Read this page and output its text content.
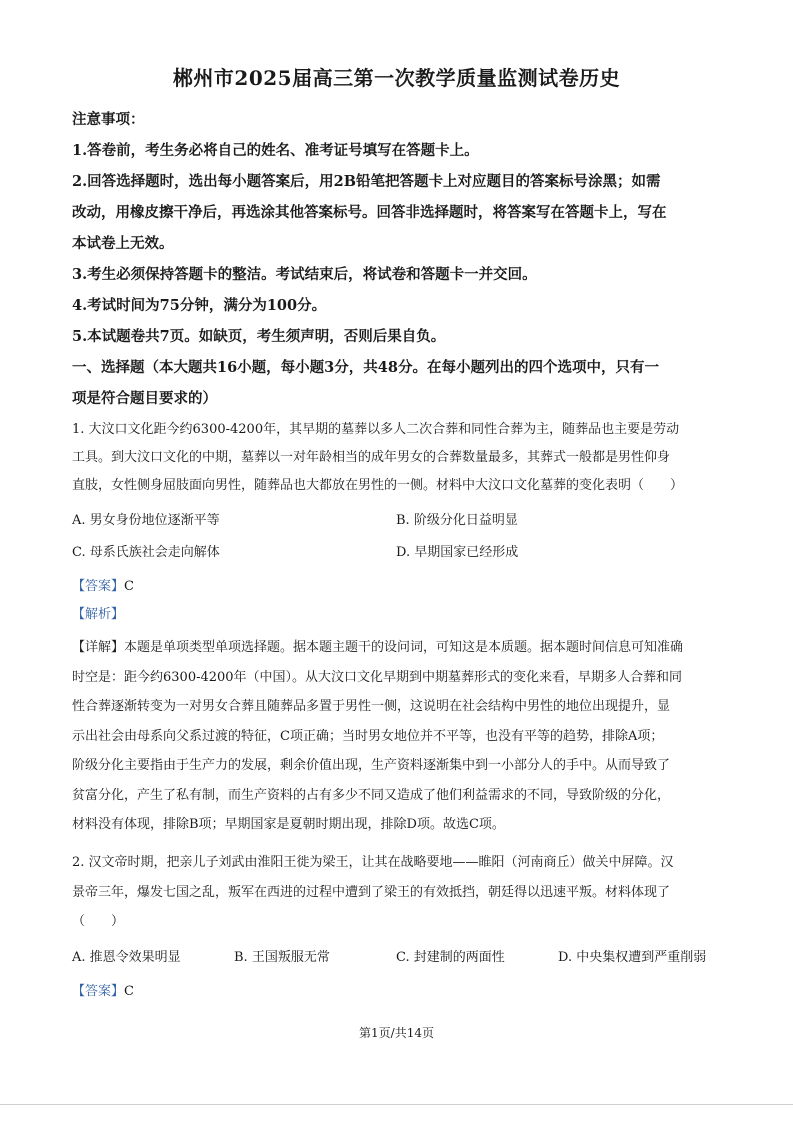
郴州市2025届高三第一次教学质量监测试卷历史

注意事项：

1.答卷前，考生务必将自己的姓名、准考证号填写在答题卡上。

2.回答选择题时，选出每小题答案后，用2B铅笔把答题卡上对应题目的答案标号涂黑；如需

改动，用橡皮擦干净后，再选涂其他答案标号。回答非选择题时，将答案写在答题卡上，写在

本试卷上无效。

3.考生必须保持答题卡的整洁。考试结束后，将试卷和答题卡一并交回。

4.考试时间为75分钟，满分为100分。

5.本试题卷共7页。如缺页，考生须声明，否则后果自负。

一、选择题（本大题共16小题，每小题3分，共48分。在每小题列出的四个选项中，只有一

项是符合题目要求的）

1. 大汶口文化距今约6300-4200年，其早期的墓葬以多人二次合葬和同性合葬为主，随葬品也主要是劳动

工具。到大汶口文化的中期，墓葬以一对年龄相当的成年男女的合葬数量最多，其葬式一般都是男性仰身

直肢，女性侧身屈肢面向男性，随葬品也大都放在男性的一侧。材料中大汶口文化墓葬的变化表明（　　）

A. 男女身份地位逐渐平等	B. 阶级分化日益明显
C. 母系氏族社会走向解体	D. 早期国家已经形成

【答案】C

【解析】

【详解】本题是单项类型单项选择题。据本题主题干的设问词，可知这是本质题。据本题时间信息可知准确

时空是：距今约6300-4200年（中国）。从大汶口文化早期到中期墓葬形式的变化来看，早期多人合葬和同

性合葬逐渐转变为一对男女合葬且随葬品多置于男性一侧，这说明在社会结构中男性的地位出现提升，显

示出社会由母系向父系过渡的特征，C项正确；当时男女地位并不平等，也没有平等的趋势，排除A项；

阶级分化主要指由于生产力的发展，剩余价值出现，生产资料逐渐集中到一小部分人的手中。从而导致了

贫富分化，产生了私有制，而生产资料的占有多少不同又造成了他们利益需求的不同，导致阶级的分化，

材料没有体现，排除B项；早期国家是夏朝时期出现，排除D项。故选C项。

2. 汉文帝时期，把亲儿子刘武由淮阳王徙为梁王，让其在战略要地——睢阳（河南商丘）做关中屏障。汉

景帝三年，爆发七国之乱，叛军在西进的过程中遭到了梁王的有效抵挡，朝廷得以迅速平叛。材料体现了

（　　）

A. 推恩令效果明显	B. 王国叛服无常	C. 封建制的两面性	D. 中央集权遭到严重削弱

【答案】C

第1页/共14页
